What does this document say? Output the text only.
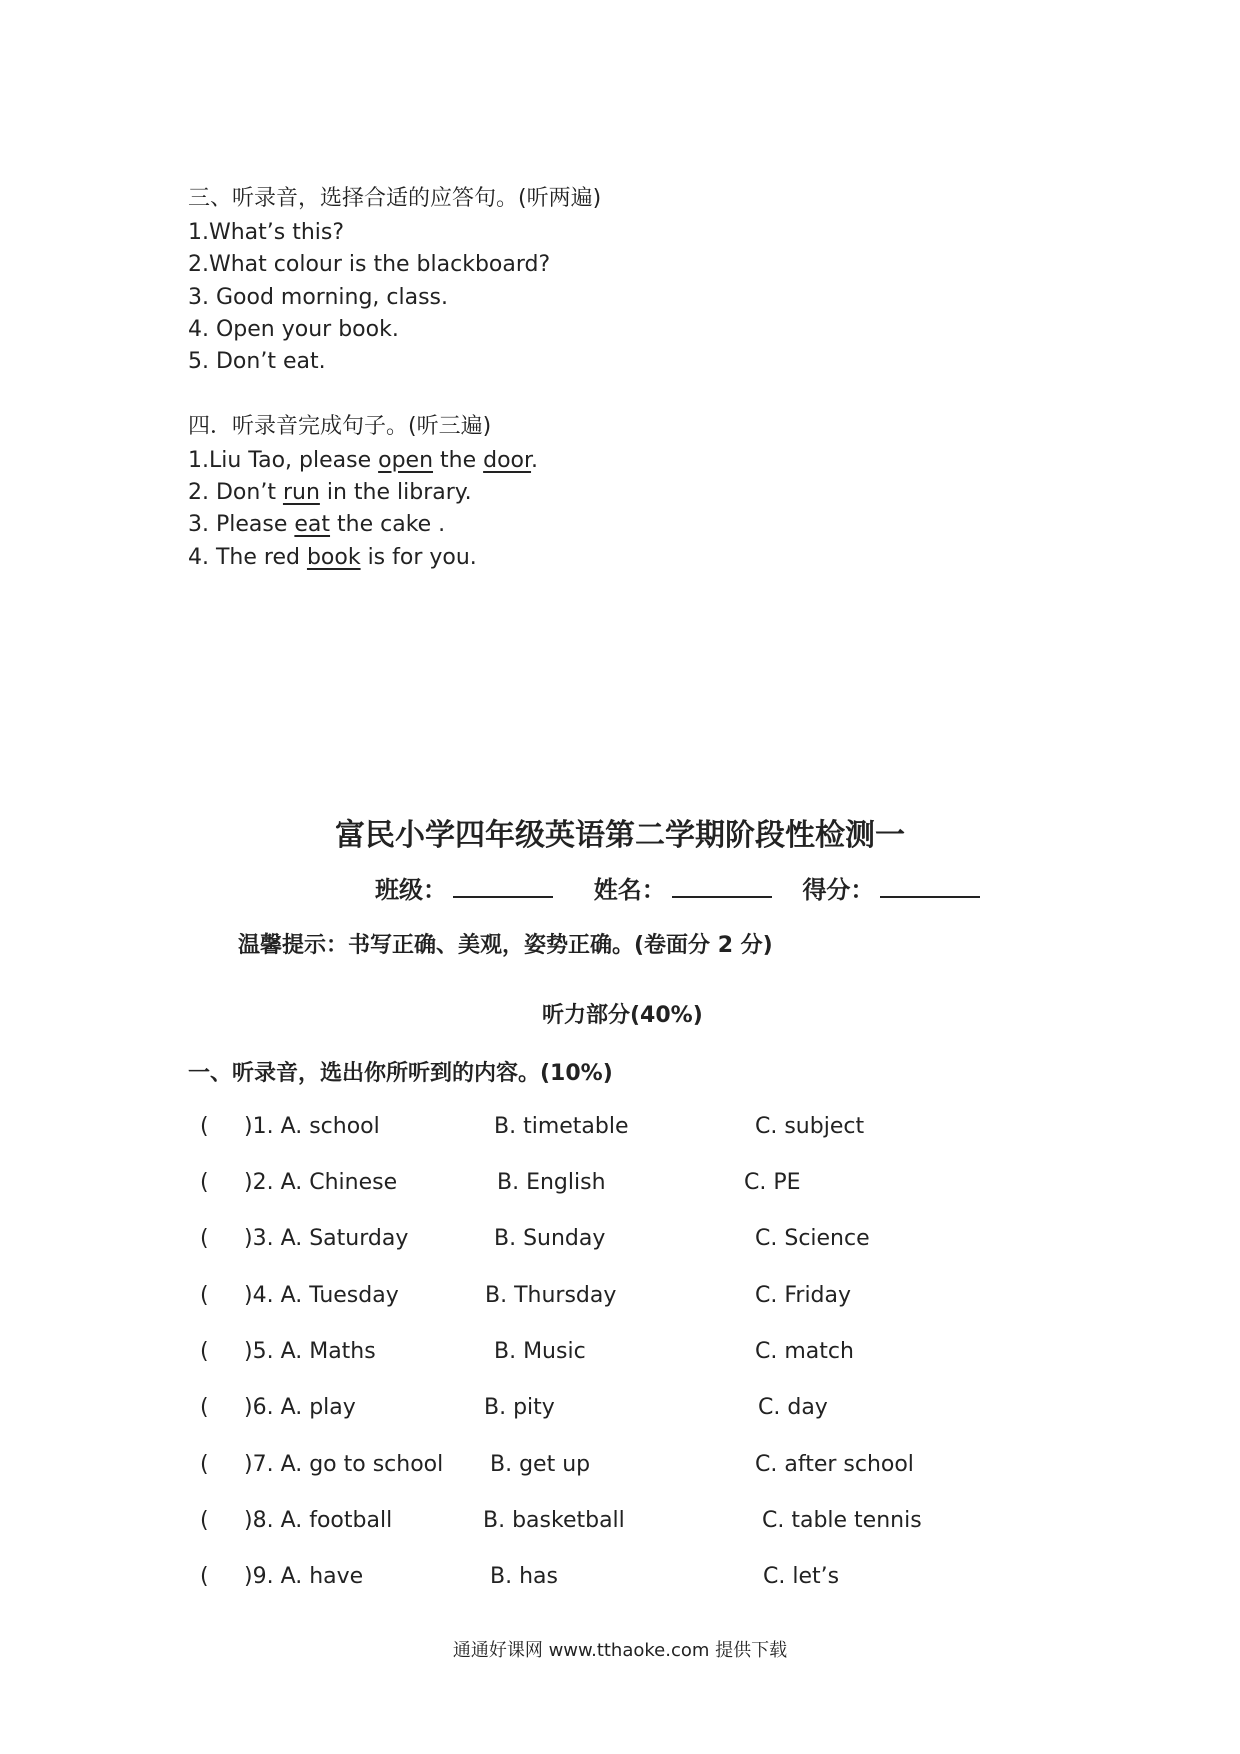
三、听录音，选择合适的应答句。(听两遍)
1.What’s this?
2.What colour is the blackboard?
3. Good morning, class.
4. Open your book.
5. Don’t eat.
四．听录音完成句子。(听三遍)
1.Liu Tao, please open the door.
2. Don’t run in the library.
3. Please eat the cake .
4. The red book is for you.
富民小学四年级英语第二学期阶段性检测一
班级：	姓名：	得分：
温馨提示：书写正确、美观，姿势正确。(卷面分 2 分)
听力部分(40%)
一、听录音，选出你所听到的内容。(10%)
( )1. A. school	B. timetable	C. subject
( )2. A. Chinese	B. English	C. PE
( )3. A. Saturday	B. Sunday	C. Science
( )4. A. Tuesday	B. Thursday	C. Friday
( )5. A. Maths	B. Music	C. match
( )6. A. play	B. pity	C. day
( )7. A. go to school B. get up	C. after school
( )8. A. football	B. basketball	C. table tennis
( )9. A. have	B. has	C. let’s
通通好课网 www.tthaoke.com 提供下载
